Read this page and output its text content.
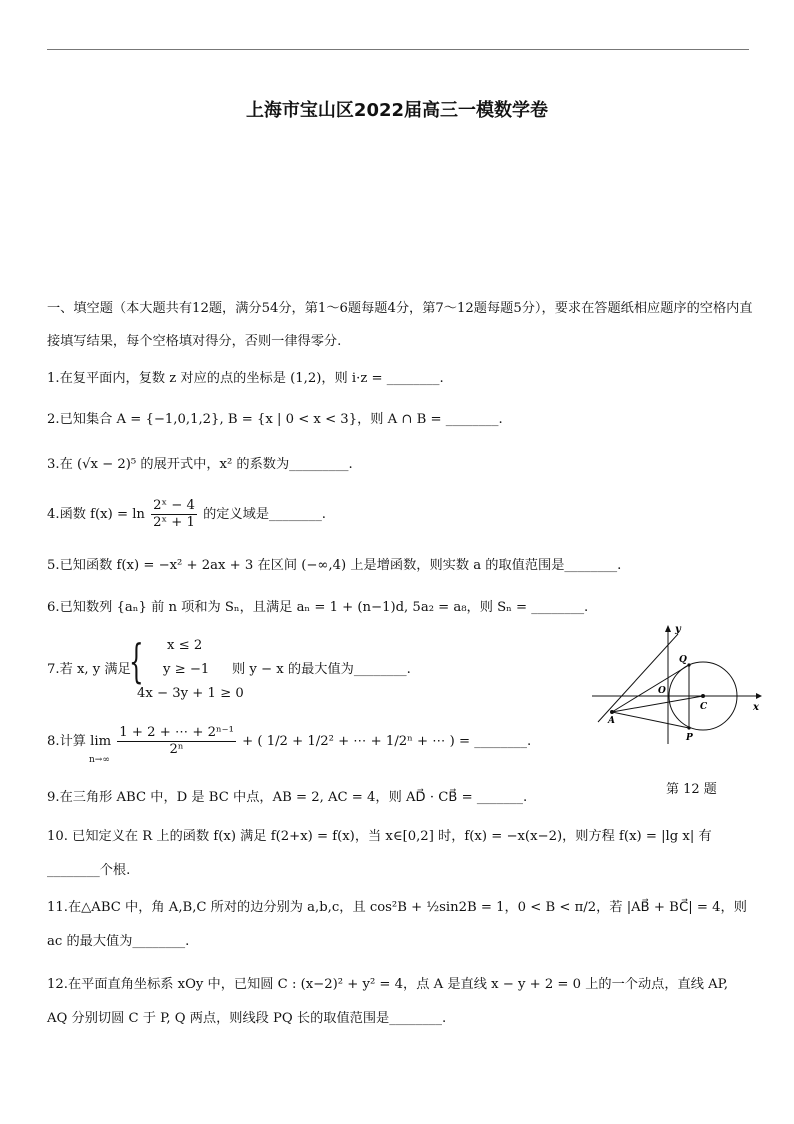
上海市宝山区2022届高三一模数学卷
一、填空题（本大题共有12题，满分54分，第1～6题每题4分，第7～12题每题5分），要求在答题纸相应题序的空格内直接填写结果，每个空格填对得分，否则一律得零分.
1.在复平面内，复数 z 对应的点的坐标是 (1,2)，则 i·z = ________.
2.已知集合 A = {−1,0,1,2}, B = {x | 0 < x < 3}，则 A ∩ B = ________.
3.在 (√x − 2)⁵ 的展开式中，x² 的系数为_________.
4.函数 $f(x) = \ln \frac{\text{2ˣ − 4}}{\text{2ˣ + 1}}$ 的定义域是________.
5.已知函数 f(x) = −x² + 2ax + 3 在区间 (−∞,4) 上是增函数，则实数 a 的取值范围是________.
6.已知数列 {aₙ} 前 n 项和为 Sₙ，且满足 aₙ = 1 + (n−1)d, 5a₂ = a₈，则 Sₙ = ________.
7.若 x, y 满足
{ x ≤ 2
y ≥ −1
4x − 3y + 1 ≥ 0
则 y − x 的最大值为________.
8.计算 lim
n→∞
$\frac{\text{1 + 2 + ⋯ + 2ⁿ⁻¹}}{\text{2ⁿ}}$ + ( 1/2 + 1/2² + ⋯ + 1/2ⁿ + ⋯ ) = ________.
9.在三角形 ABC 中，D 是 BC 中点，AB = 2, AC = 4，则 AD⃗ · CB⃗ = _______.
10. 已知定义在 R 上的函数 f(x) 满足 f(2+x) = f(x)，当 x∈[0,2] 时，f(x) = −x(x−2)，则方程 f(x) = |lg x| 有________个根.
11.在△ABC 中，角 A,B,C 所对的边分别为 a,b,c，且 cos²B + ½sin2B = 1，0 < B < π/2，若 |AB⃗ + BC⃗| = 4，则 ac 的最大值为________.
12.在平面直角坐标系 xOy 中，已知圆 C : (x−2)² + y² = 4，点 A 是直线 x − y + 2 = 0 上的一个动点，直线 AP, AQ 分别切圆 C 于 P, Q 两点，则线段 PQ 长的取值范围是________.
y
x
O
C
A
P
Q
第 12 题
